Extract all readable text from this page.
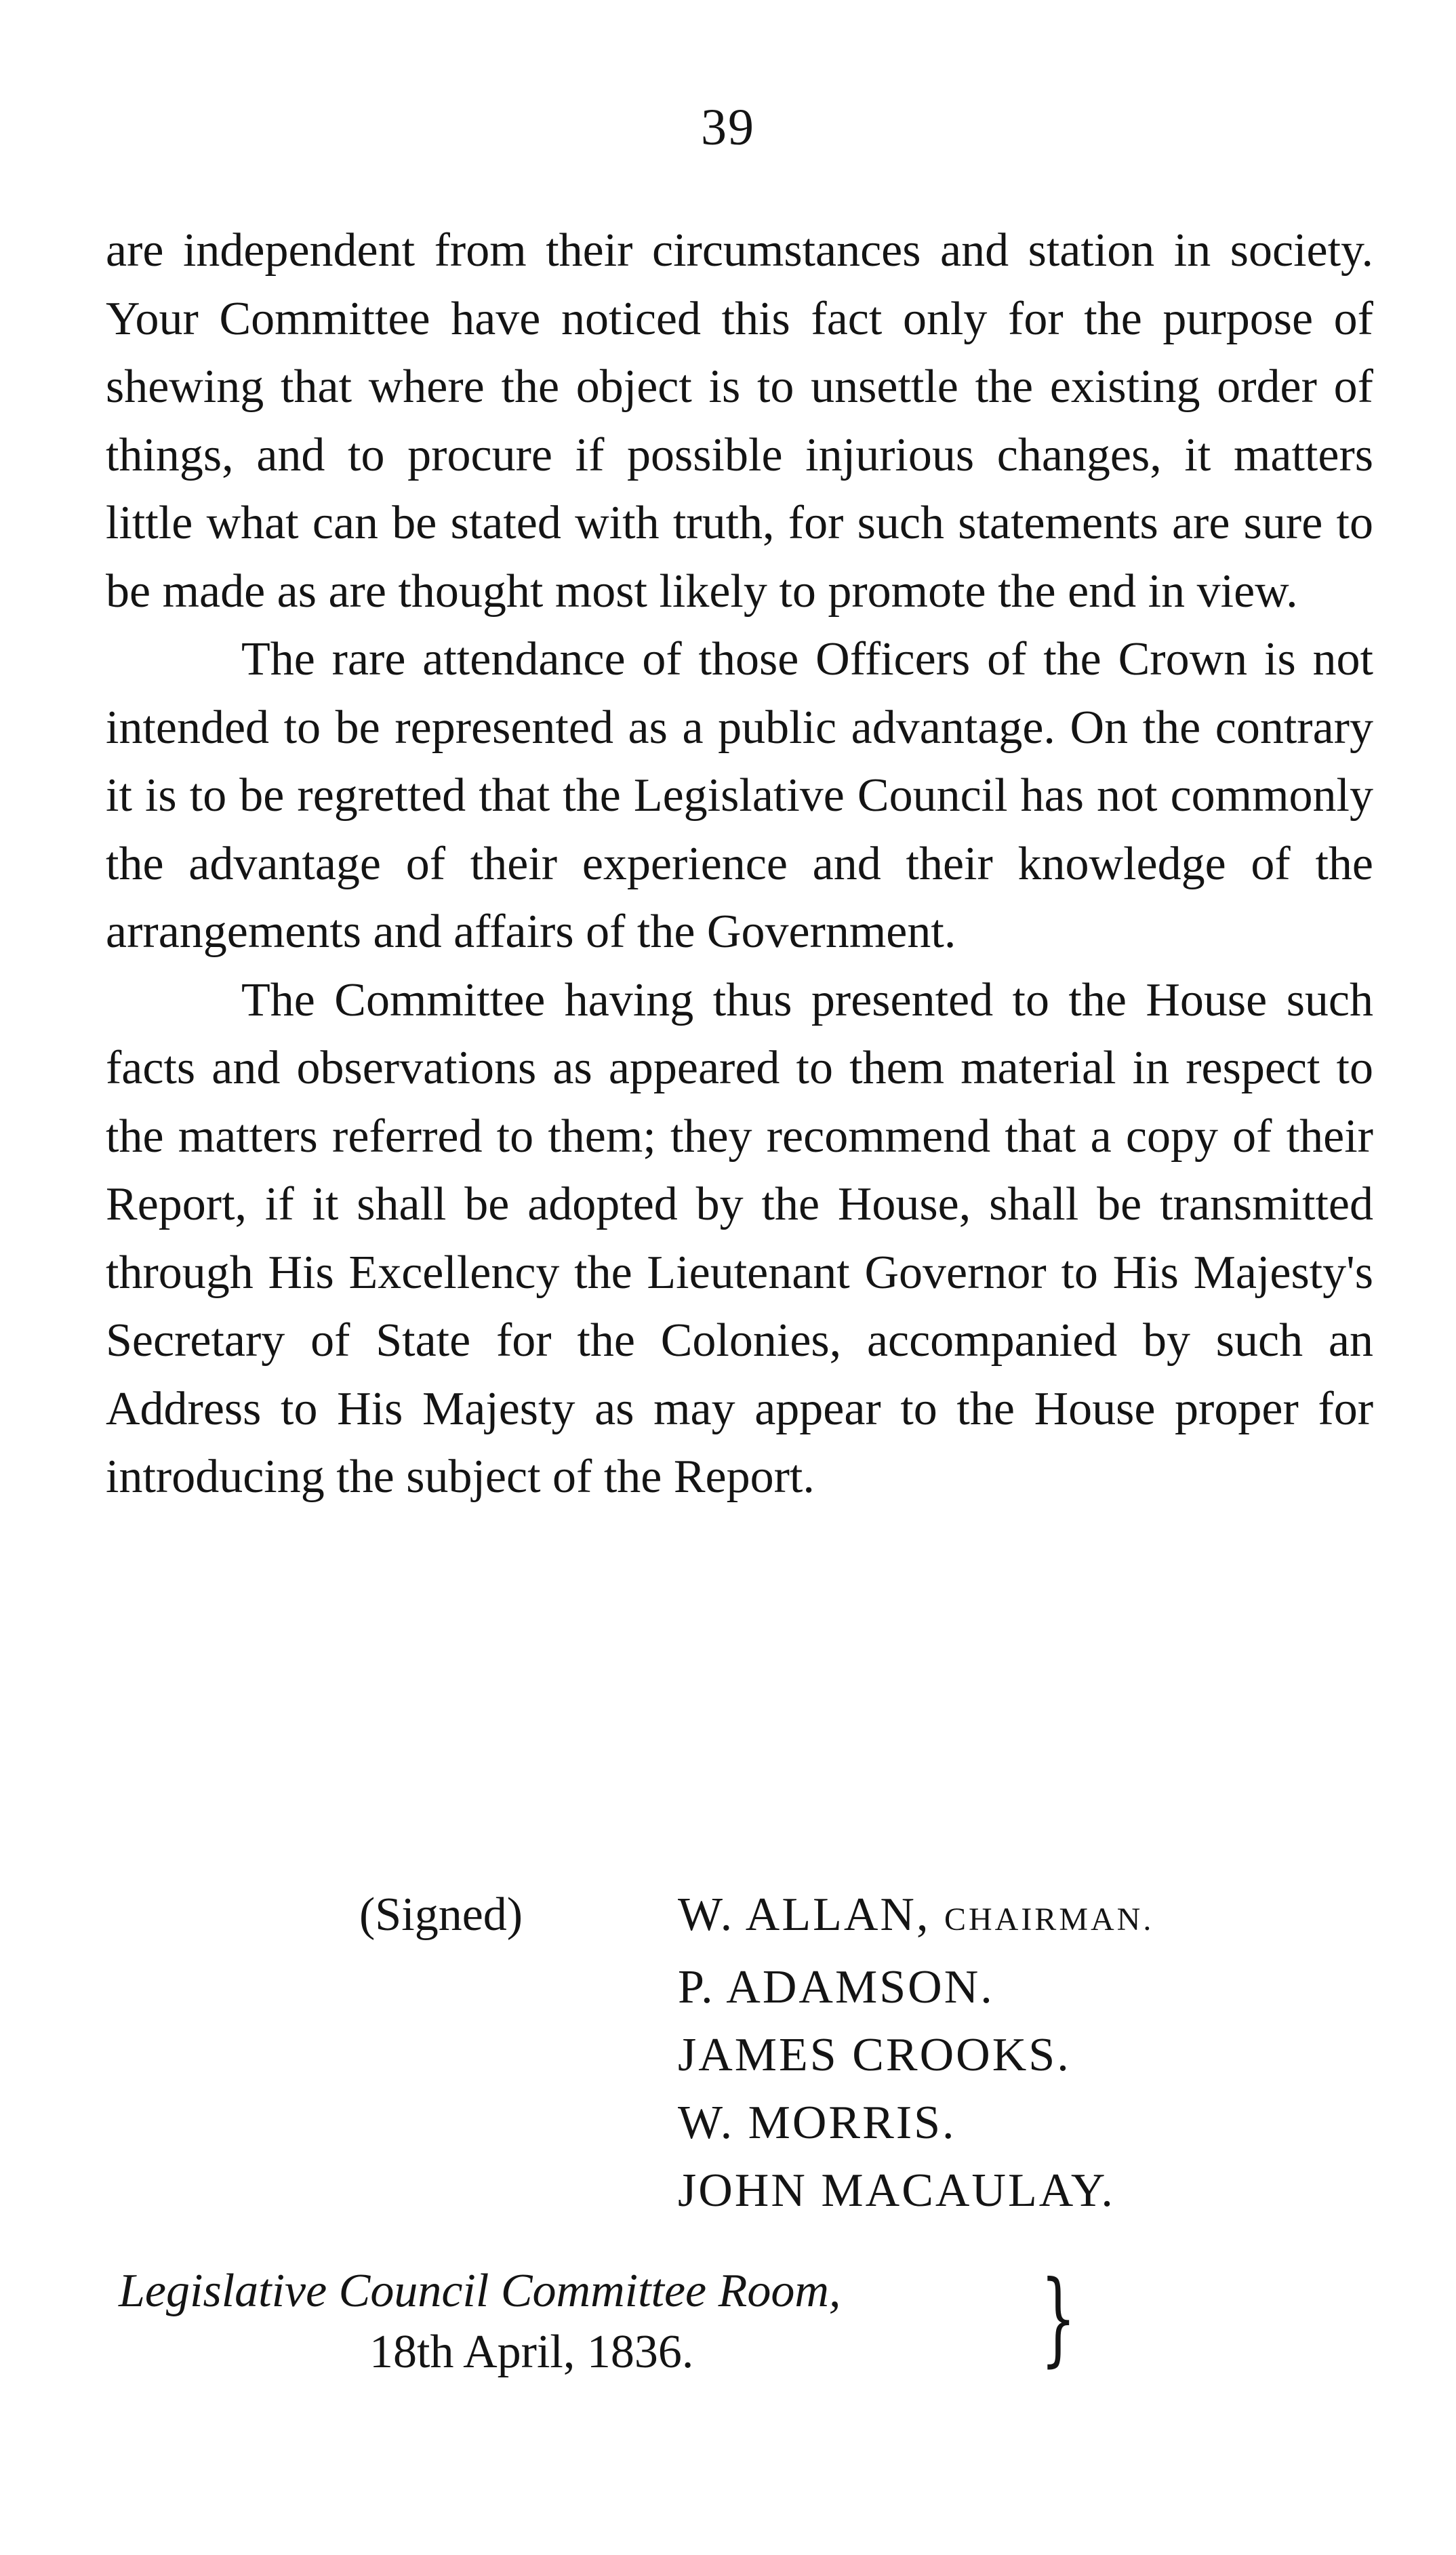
39

are independent from their circumstances and station in society. Your Committee have noticed this fact only for the purpose of shewing that where the object is to unsettle the existing order of things, and to procure if possible injurious changes, it matters little what can be stated with truth, for such statements are sure to be made as are thought most likely to promote the end in view.

The rare attendance of those Officers of the Crown is not intended to be represented as a public advantage. On the contrary it is to be regretted that the Legislative Council has not commonly the advantage of their experience and their knowledge of the arrangements and affairs of the Government.

The Committee having thus presented to the House such facts and observations as appeared to them material in respect to the matters referred to them; they recommend that a copy of their Report, if it shall be adopted by the House, shall be transmitted through His Excellency the Lieutenant Governor to His Majesty's Secretary of State for the Colonies, accompanied by such an Address to His Majesty as may appear to the House proper for introducing the subject of the Report.

(Signed)	W. ALLAN, CHAIRMAN.
P. ADAMSON.
JAMES CROOKS.
W. MORRIS.
JOHN MACAULAY.
Legislative Council Committee Room,
18th April, 1836.	}
